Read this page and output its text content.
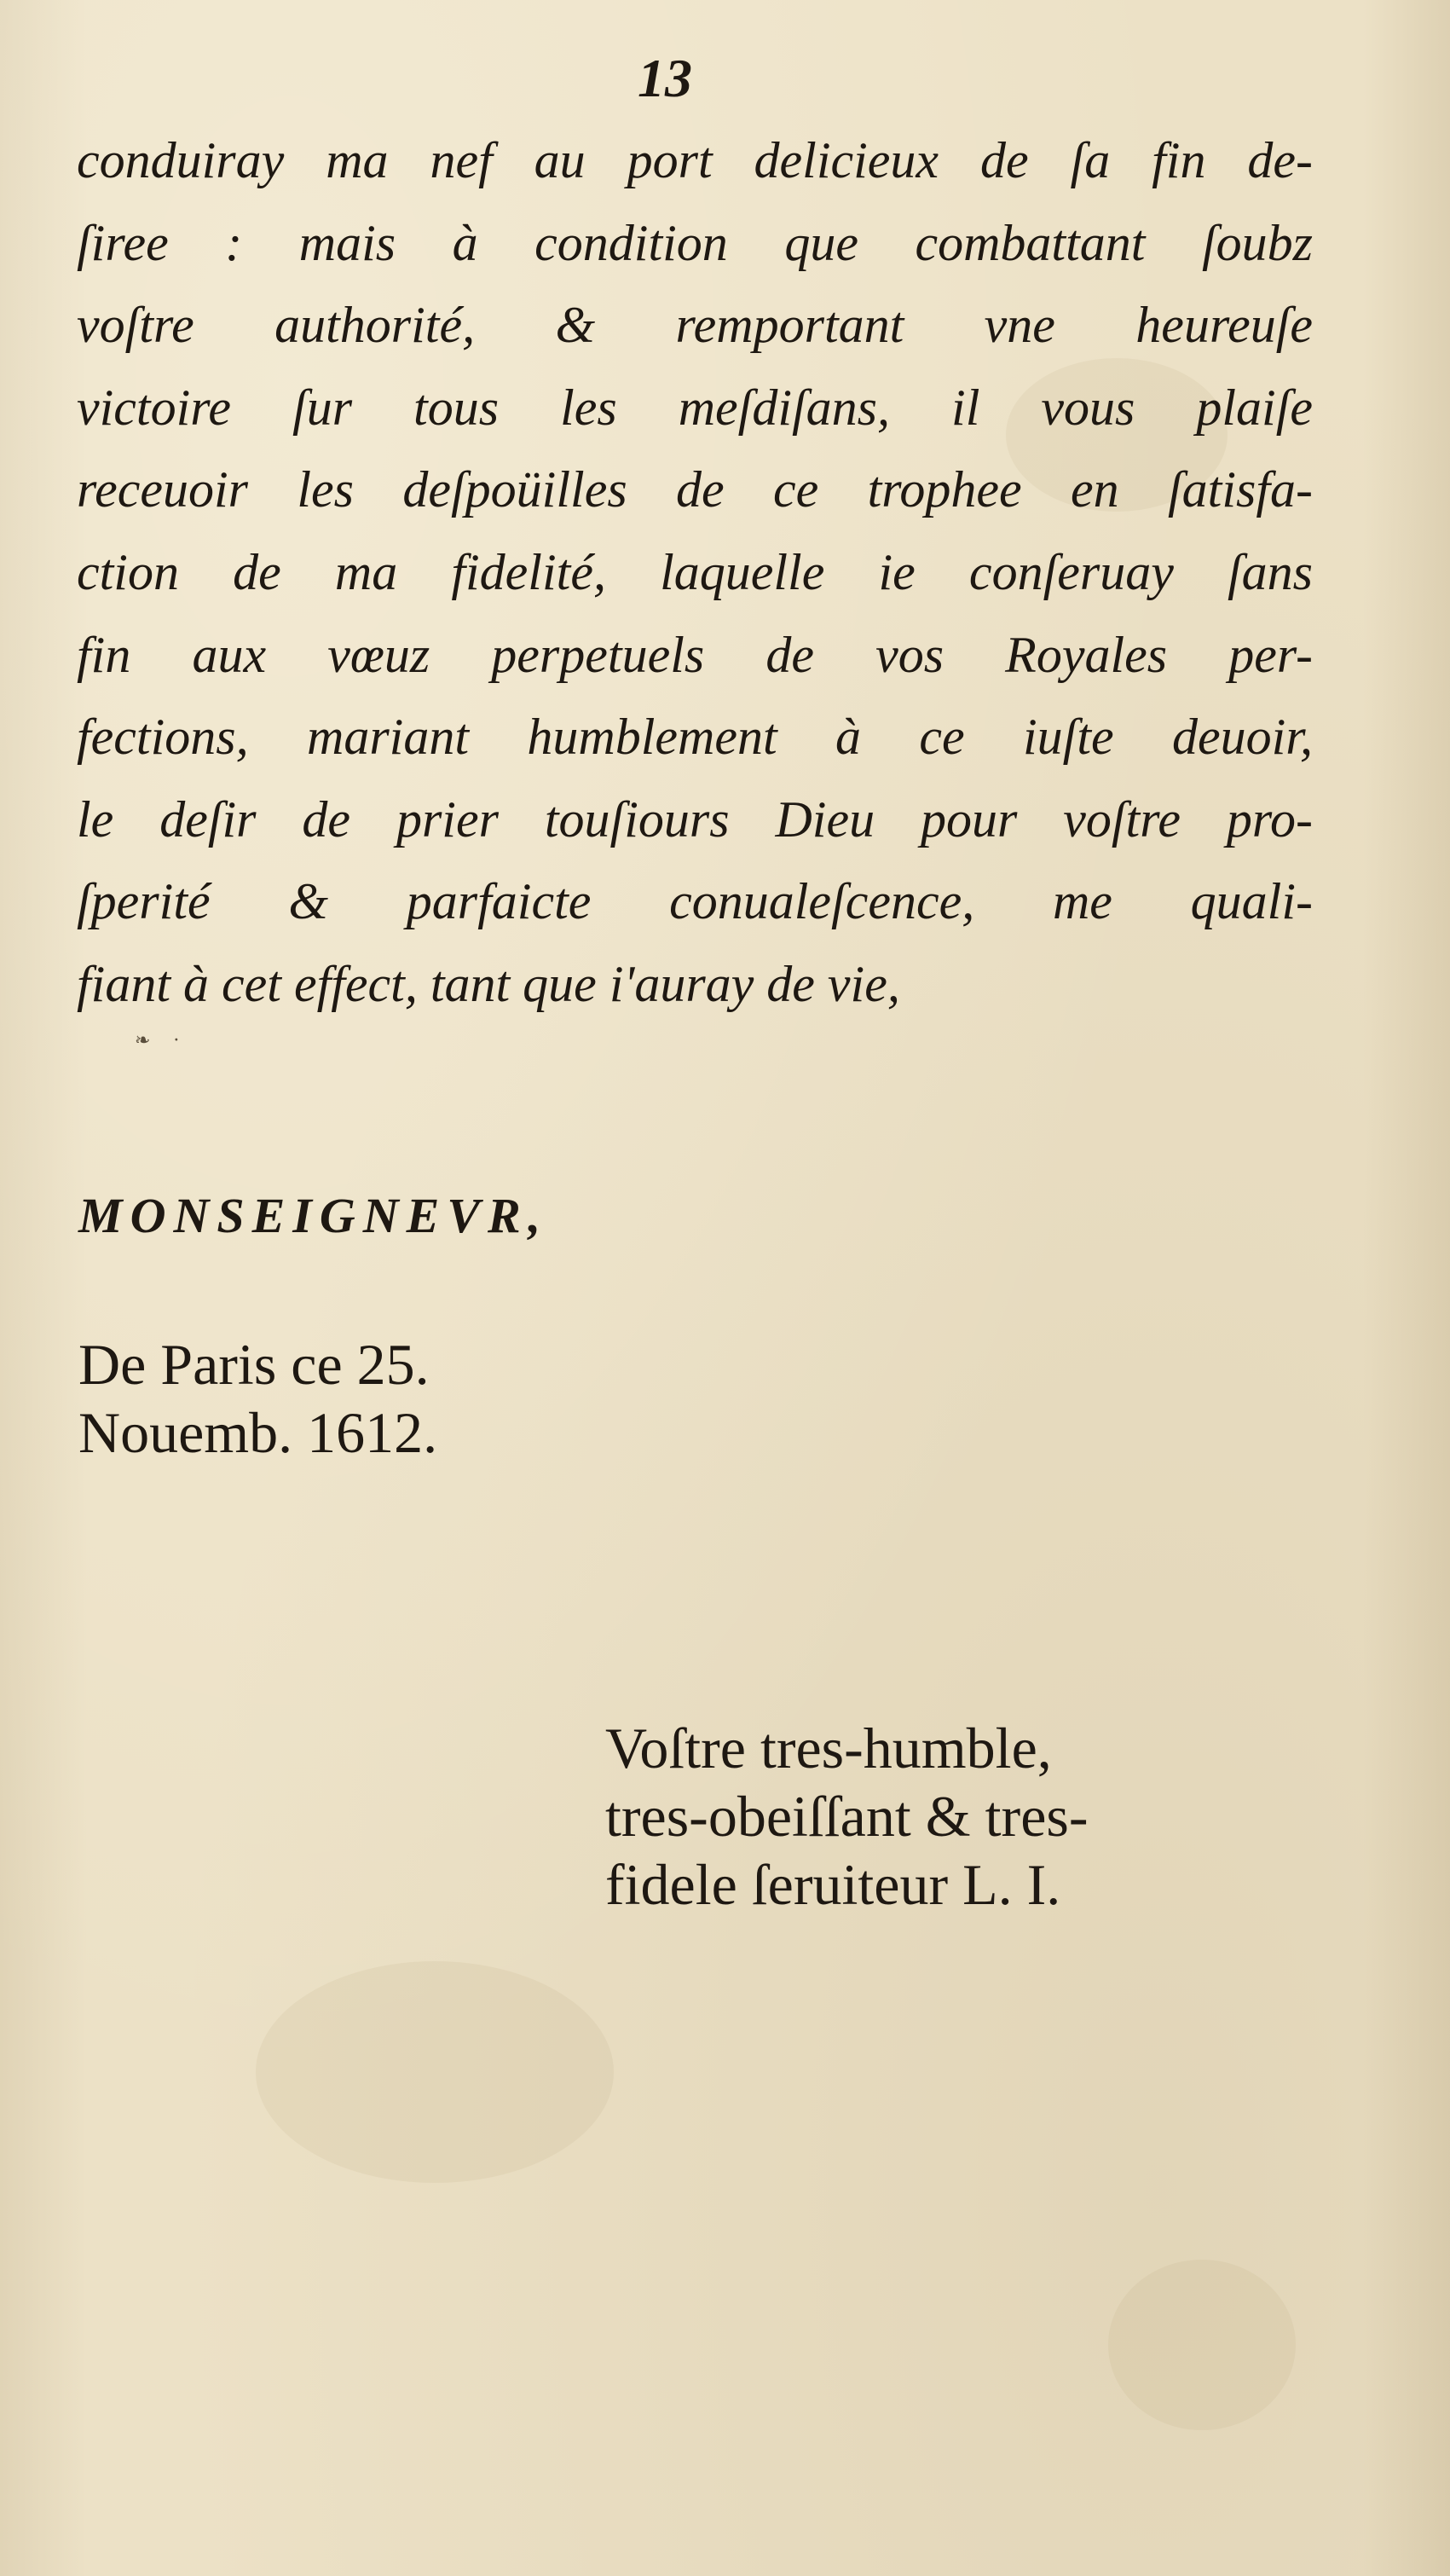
13
conduiray ma nef au port delicieux de ſa fin de-
ſiree : mais à condition que combattant ſoubz
voſtre authorité, & remportant vne heureuſe
victoire ſur tous les meſdiſans, il vous plaiſe
receuoir les deſpoüilles de ce trophee en ſatisfa-
ction de ma fidelité, laquelle ie conſeruay ſans
fin aux vœuz perpetuels de vos Royales per-
fections, mariant humblement à ce iuſte deuoir,
le deſir de prier touſiours Dieu pour voſtre pro-
ſperité & parfaicte conualeſcence, me quali-
fiant à cet effect, tant que i'auray de vie,
❧ ·
MONSEIGNEVR,
De Paris ce 25.
Nouemb. 1612.
Voſtre tres-humble,
tres-obeiſſant & tres-
fidele ſeruiteur L. I.
